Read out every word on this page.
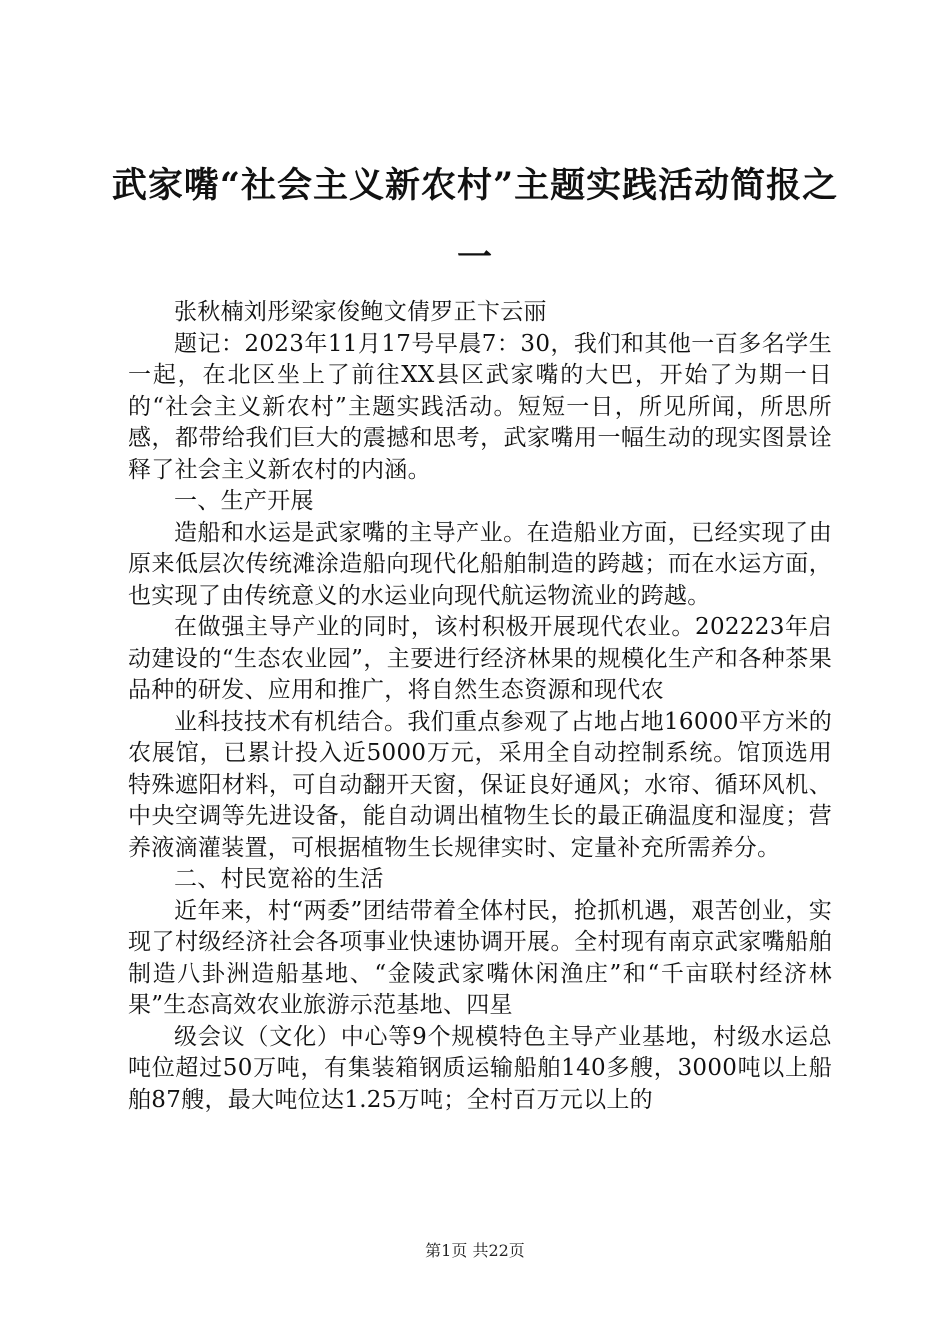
武家嘴“社会主义新农村”主题实践活动简报之一

张秋楠刘彤梁家俊鲍文倩罗正卞云丽

题记：2023年11月17号早晨7：30，我们和其他一百多名学生一起，在北区坐上了前往XX县区武家嘴的大巴，开始了为期一日的“社会主义新农村”主题实践活动。短短一日，所见所闻，所思所感，都带给我们巨大的震撼和思考，武家嘴用一幅生动的现实图景诠释了社会主义新农村的内涵。

一、生产开展

造船和水运是武家嘴的主导产业。在造船业方面，已经实现了由原来低层次传统滩涂造船向现代化船舶制造的跨越；而在水运方面，也实现了由传统意义的水运业向现代航运物流业的跨越。

在做强主导产业的同时，该村积极开展现代农业。202223年启动建设的“生态农业园”，主要进行经济林果的规模化生产和各种茶果品种的研发、应用和推广，将自然生态资源和现代农

业科技技术有机结合。我们重点参观了占地占地16000平方米的农展馆，已累计投入近5000万元，采用全自动控制系统。馆顶选用特殊遮阳材料，可自动翻开天窗，保证良好通风；水帘、循环风机、中央空调等先进设备，能自动调出植物生长的最正确温度和湿度；营养液滴灌装置，可根据植物生长规律实时、定量补充所需养分。

二、村民宽裕的生活

近年来，村“两委”团结带着全体村民，抢抓机遇，艰苦创业，实现了村级经济社会各项事业快速协调开展。全村现有南京武家嘴船舶制造八卦洲造船基地、“金陵武家嘴休闲渔庄”和“千亩联村经济林果”生态高效农业旅游示范基地、四星

级会议（文化）中心等9个规模特色主导产业基地，村级水运总吨位超过50万吨，有集装箱钢质运输船舶140多艘，3000吨以上船舶87艘，最大吨位达1.25万吨；全村百万元以上的

第1页 共22页
